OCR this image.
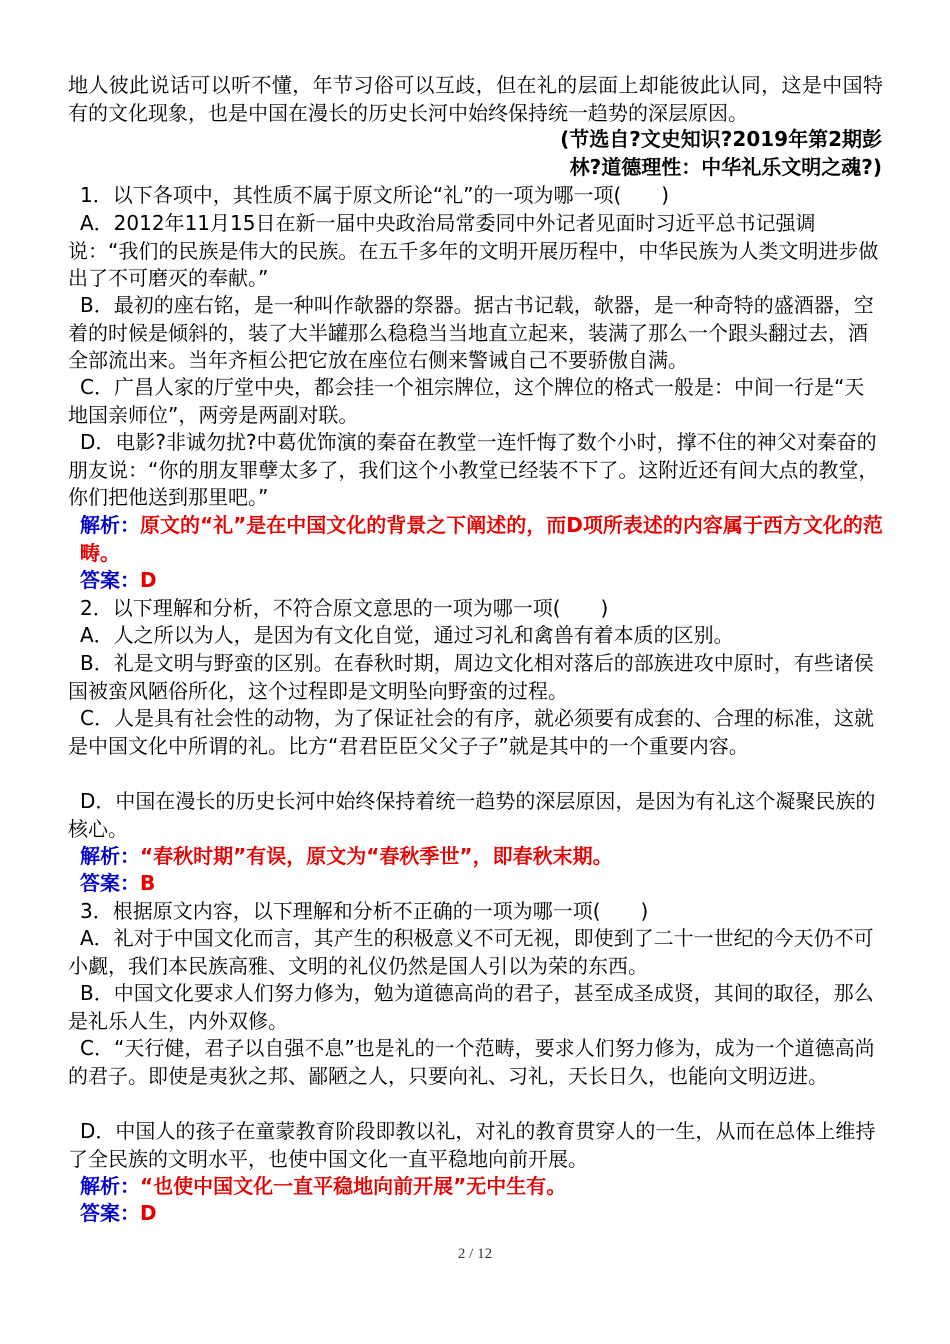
地人彼此说话可以听不懂，年节习俗可以互歧，但在礼的层面上却能彼此认同，这是中国特有的文化现象，也是中国在漫长的历史长河中始终保持统一趋势的深层原因。
(节选自?文史知识?2019年第2期彭
林?道德理性：中华礼乐文明之魂?)
1．以下各项中，其性质不属于原文所论“礼”的一项为哪一项(　　)
A．2012年11月15日在新一届中央政治局常委同中外记者见面时习近平总书记强调说：“我们的民族是伟大的民族。在五千多年的文明开展历程中，中华民族为人类文明进步做出了不可磨灭的奉献。”
B．最初的座右铭，是一种叫作欹器的祭器。据古书记载，欹器，是一种奇特的盛酒器，空着的时候是倾斜的，装了大半罐那么稳稳当当地直立起来，装满了那么一个跟头翻过去，酒全部流出来。当年齐桓公把它放在座位右侧来警诫自己不要骄傲自满。
C．广昌人家的厅堂中央，都会挂一个祖宗牌位，这个牌位的格式一般是：中间一行是“天地国亲师位”，两旁是两副对联。
D．电影?非诚勿扰?中葛优饰演的秦奋在教堂一连忏悔了数个小时，撑不住的神父对秦奋的朋友说：“你的朋友罪孽太多了，我们这个小教堂已经装不下了。这附近还有间大点的教堂，你们把他送到那里吧。”
解析：原文的“礼”是在中国文化的背景之下阐述的，而D项所表述的内容属于西方文化的范畴。
答案：D
2．以下理解和分析，不符合原文意思的一项为哪一项(　　)
A．人之所以为人，是因为有文化自觉，通过习礼和禽兽有着本质的区别。
B．礼是文明与野蛮的区别。在春秋时期，周边文化相对落后的部族进攻中原时，有些诸侯国被蛮风陋俗所化，这个过程即是文明坠向野蛮的过程。
C．人是具有社会性的动物，为了保证社会的有序，就必须要有成套的、合理的标准，这就是中国文化中所谓的礼。比方“君君臣臣父父子子”就是其中的一个重要内容。
D．中国在漫长的历史长河中始终保持着统一趋势的深层原因，是因为有礼这个凝聚民族的核心。
解析：“春秋时期”有误，原文为“春秋季世”，即春秋末期。
答案：B
3．根据原文内容，以下理解和分析不正确的一项为哪一项(　　)
A．礼对于中国文化而言，其产生的积极意义不可无视，即使到了二十一世纪的今天仍不可小觑，我们本民族高雅、文明的礼仪仍然是国人引以为荣的东西。
B．中国文化要求人们努力修为，勉为道德高尚的君子，甚至成圣成贤，其间的取径，那么是礼乐人生，内外双修。
C．“天行健，君子以自强不息”也是礼的一个范畴，要求人们努力修为，成为一个道德高尚的君子。即使是夷狄之邦、鄙陋之人，只要向礼、习礼，天长日久，也能向文明迈进。
D．中国人的孩子在童蒙教育阶段即教以礼，对礼的教育贯穿人的一生，从而在总体上维持了全民族的文明水平，也使中国文化一直平稳地向前开展。
解析：“也使中国文化一直平稳地向前开展”无中生有。
答案：D
2 / 12
